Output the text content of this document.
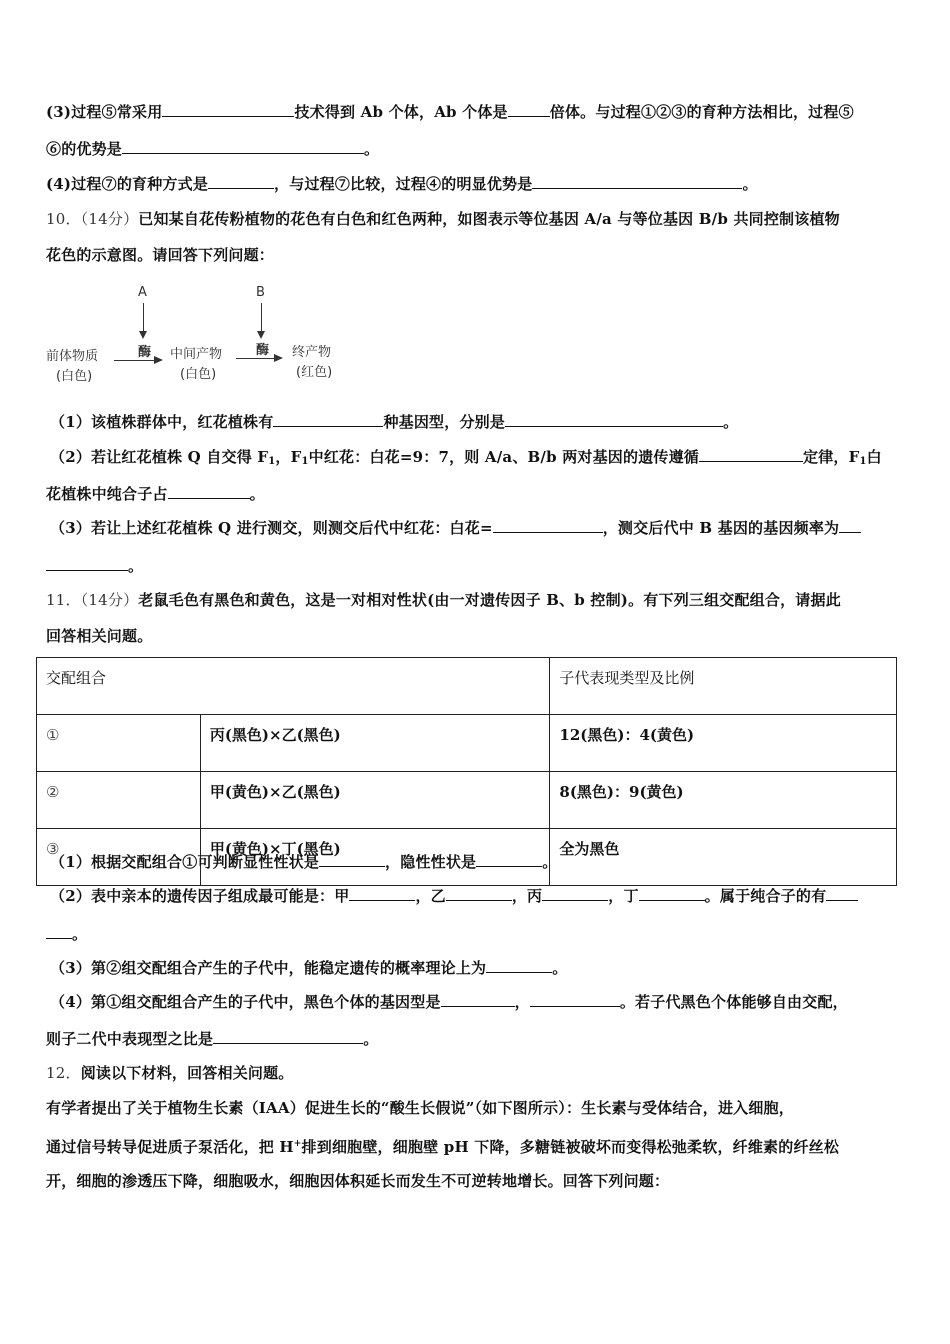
(3)过程⑤常采用	技术得到 Ab 个体，Ab 个体是	倍体。与过程①②③的育种方法相比，过程⑤
⑥的优势是	。
(4)过程⑦的育种方式是	，与过程⑦比较，过程④的明显优势是	。
10．（14分）已知某自花传粉植物的花色有白色和红色两种，如图表示等位基因 A/a 与等位基因 B/b 共同控制该植物
花色的示意图。请回答下列问题：
A
酶
B
酶
前体物质
(白色)
中间产物
(白色)
终产物
(红色)
（1）该植株群体中，红花植株有	种基因型，分别是	。
（2）若让红花植株 Q 自交得 $F_1$，$F_1$中红花：白花=9：7，则 A/a、B/b 两对基因的遗传遵循	定律，$F_1$白
花植株中纯合子占	。
（3）若让上述红花植株 Q 进行测交，则测交后代中红花：白花=	，测交后代中 B 基因的基因频率为
。
11．（14分）老鼠毛色有黑色和黄色，这是一对相对性状(由一对遗传因子 B、b 控制)。有下列三组交配组合，请据此
回答相关问题。
交配组合		子代表现类型及比例
①	丙(黑色)×乙(黑色)	12(黑色)：4(黄色)
②	甲(黄色)×乙(黑色)	8(黑色)：9(黄色)
③	甲(黄色)×丁(黑色)	全为黑色
（1）根据交配组合①可判断显性性状是	，隐性性状是	。
（2）表中亲本的遗传因子组成最可能是：甲	，乙	，丙	，丁	。属于纯合子的有
。
（3）第②组交配组合产生的子代中，能稳定遗传的概率理论上为	。
（4）第①组交配组合产生的子代中，黑色个体的基因型是	，	。若子代黑色个体能够自由交配，
则子二代中表现型之比是	。
12．阅读以下材料，回答相关问题。
有学者提出了关于植物生长素（IAA）促进生长的“酸生长假说”（如下图所示）：生长素与受体结合，进入细胞，
通过信号转导促进质子泵活化，把 H+排到细胞壁，细胞壁 pH 下降，多糖链被破坏而变得松弛柔软，纤维素的纤丝松
开，细胞的渗透压下降，细胞吸水，细胞因体积延长而发生不可逆转地增长。回答下列问题：
